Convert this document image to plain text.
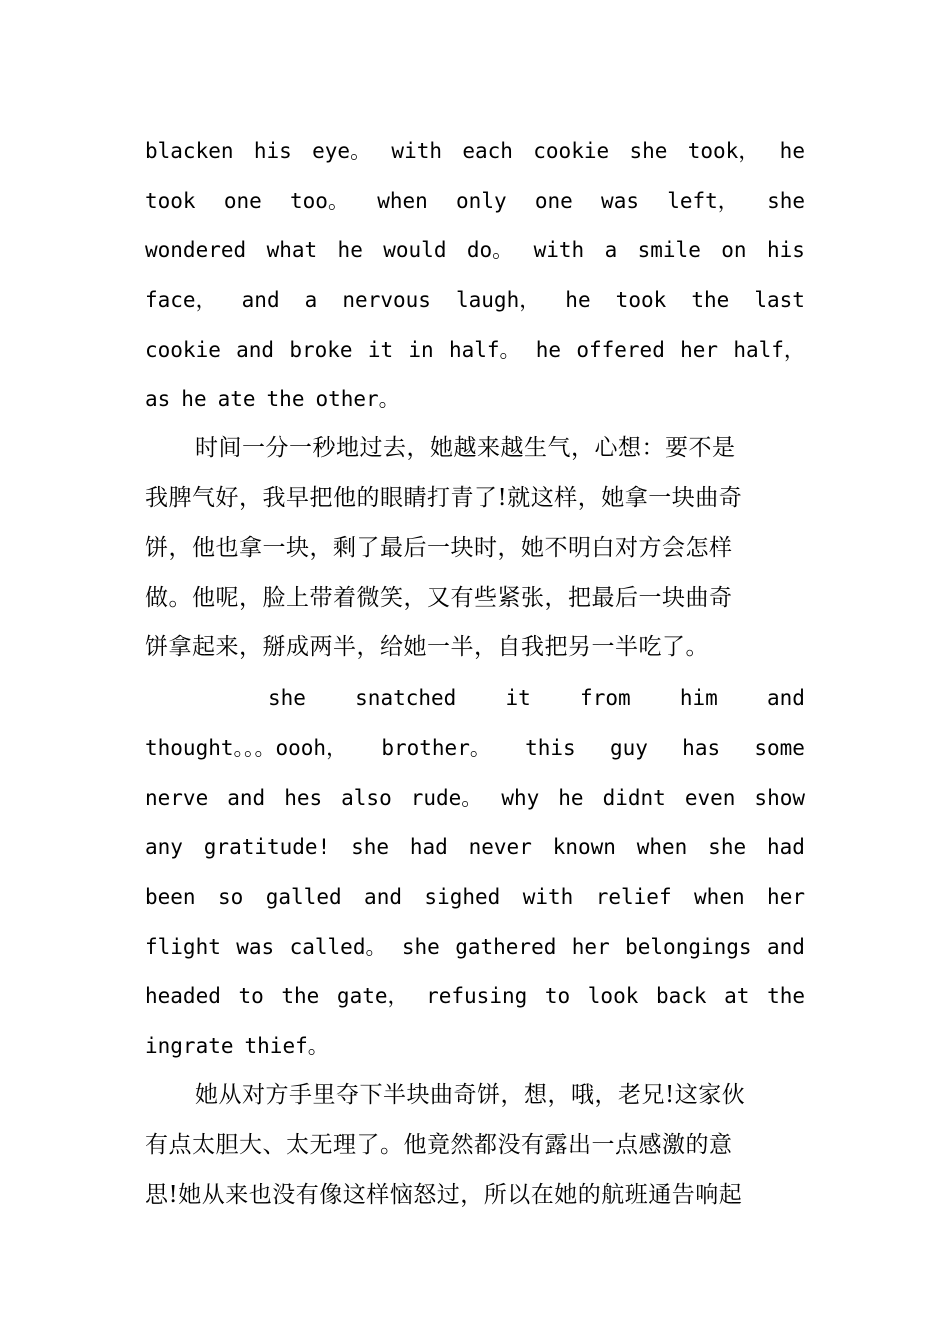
blacken his eye。 with each cookie she took， he
took one too。 when only one was left， she
wondered what he would do。 with a smile on his
face， and a nervous laugh， he took the last
cookie and broke it in half。 he offered her half，
as he ate the other。
时间一分一秒地过去，她越来越生气，心想：要不是
我脾气好，我早把他的眼睛打青了!就这样，她拿一块曲奇
饼，他也拿一块，剩了最后一块时，她不明白对方会怎样
做。他呢，脸上带着微笑，又有些紧张，把最后一块曲奇
饼拿起来，掰成两半，给她一半，自我把另一半吃了。
she snatched it from him and
thought。。。oooh， brother。 this guy has some
nerve and hes also rude。 why he didnt even show
any gratitude! she had never known when she had
been so galled and sighed with relief when her
flight was called。 she gathered her belongings and
headed to the gate， refusing to look back at the
ingrate thief。
她从对方手里夺下半块曲奇饼，想，哦，老兄!这家伙
有点太胆大、太无理了。他竟然都没有露出一点感激的意
思!她从来也没有像这样恼怒过，所以在她的航班通告响起
